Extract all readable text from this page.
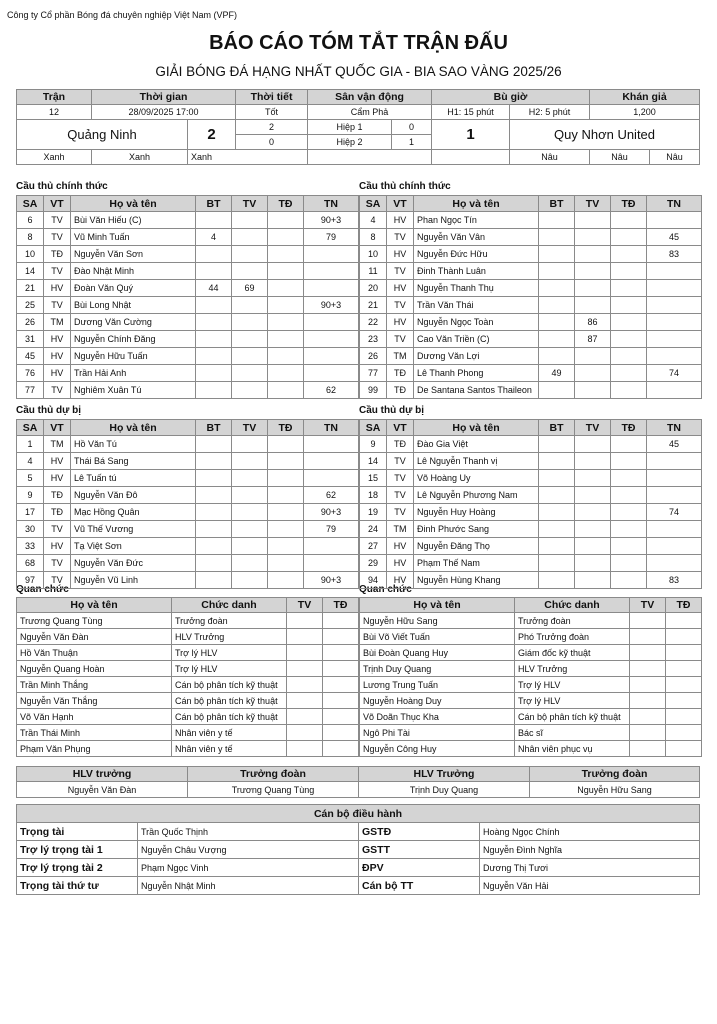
Công ty Cổ phần Bóng đá chuyên nghiệp Việt Nam (VPF)
BÁO CÁO TÓM TẮT TRẬN ĐẤU
GIẢI BÓNG ĐÁ HẠNG NHẤT QUỐC GIA - BIA SAO VÀNG 2025/26
Trận	Thời gian		Thời tiết	Sân vận động		Bù giờ		Khán giả	
12	28/09/2025 17:00		Tốt	Cẩm Phả		H1: 15 phút	H2: 5 phút	1,200	
Quảng Ninh		2	2	Hiệp 1	0	1	Quy Nhơn United		
			0	Hiệp 2	1				
Xanh	Xanh	Xanh					Nâu	Nâu	Nâu
Cầu thủ chính thức	Cầu thủ chính thức
Cầu thủ dự bị	Cầu thủ dự bị
Quan chức	Quan chức
SA	VT	Họ và tên	BT	TV	TĐ	TN
6	TV	Bùi Văn Hiếu (C)				90+3
8	TV	Vũ Minh Tuấn	4			79
10	TĐ	Nguyễn Văn Sơn				
14	TV	Đào Nhật Minh				
21	HV	Đoàn Văn Quý	44	69		
25	TV	Bùi Long Nhật				90+3
26	TM	Dương Văn Cường				
31	HV	Nguyễn Chính Đăng				
45	HV	Nguyễn Hữu Tuấn				
76	HV	Trần Hải Anh				
77	TV	Nghiêm Xuân Tú				62
SA	VT	Họ và tên	BT	TV	TĐ	TN
4	HV	Phan Ngọc Tín				
8	TV	Nguyễn Văn Vân				45
10	HV	Nguyễn Đức Hữu				83
11	TV	Đinh Thành Luân				
20	HV	Nguyễn Thanh Thụ				
21	TV	Trần Văn Thái				
22	HV	Nguyễn Ngọc Toàn		86		
23	TV	Cao Văn Triền (C)		87		
26	TM	Dương Văn Lợi				
77	TĐ	Lê Thanh Phong	49			74
99	TĐ	De Santana Santos Thaileon				
SA	VT	Họ và tên	BT	TV	TĐ	TN
1	TM	Hồ Văn Tú				
4	HV	Thái Bá Sang				
5	HV	Lê Tuấn tú				
9	TĐ	Nguyễn Văn Đô				62
17	TĐ	Mạc Hồng Quân				90+3
30	TV	Vũ Thế Vương				79
33	HV	Tạ Việt Sơn				
68	TV	Nguyễn Văn Đức				
97	TV	Nguyễn Vũ Linh				90+3
SA	VT	Họ và tên	BT	TV	TĐ	TN
9	TĐ	Đào Gia Việt				45
14	TV	Lê Nguyễn Thanh vị				
15	TV	Võ Hoàng Uy				
18	TV	Lê Nguyễn Phương Nam				
19	TV	Nguyễn Huy Hoàng				74
24	TM	Đinh Phước Sang				
27	HV	Nguyễn Đăng Thọ				
29	HV	Phạm Thế Nam				
94	HV	Nguyễn Hùng Khang				83
Họ và tên	Chức danh	TV	TĐ
Trương Quang Tùng	Trưởng đoàn		
Nguyễn Văn Đàn	HLV Trưởng		
Hồ Văn Thuận	Trợ lý HLV		
Nguyễn Quang Hoàn	Trợ lý HLV		
Trần Minh Thắng	Cán bộ phân tích kỹ thuật		
Nguyễn Văn Thắng	Cán bộ phân tích kỹ thuật		
Võ Văn Hạnh	Cán bộ phân tích kỹ thuật		
Trần Thái Minh	Nhân viên y tế		
Phạm Văn Phụng	Nhân viên y tế		
Họ và tên	Chức danh	TV	TĐ
Nguyễn Hữu Sang	Trưởng đoàn		
Bùi Võ Viết Tuấn	Phó Trưởng đoàn		
Bùi Đoàn Quang Huy	Giám đốc kỹ thuật		
Trịnh Duy Quang	HLV Trưởng		
Lương Trung Tuấn	Trợ lý HLV		
Nguyễn Hoàng Duy	Trợ lý HLV		
Võ Doãn Thục Kha	Cán bộ phân tích kỹ thuật		
Ngô Phi Tài	Bác sĩ		
Nguyễn Công Huy	Nhân viên phục vụ		
HLV trưởng	Trưởng đoàn	HLV Trưởng	Trưởng đoàn
Nguyễn Văn Đàn	Trương Quang Tùng	Trịnh Duy Quang	Nguyễn Hữu Sang
Cán bộ điều hành			
Trọng tài	Trần Quốc Thịnh	GSTĐ	Hoàng Ngọc Chính
Trợ lý trọng tài 1	Nguyễn Châu Vượng	GSTT	Nguyễn Đình Nghĩa
Trợ lý trọng tài 2	Phạm Ngọc Vinh	ĐPV	Dương Thị Tươi
Trọng tài thứ tư	Nguyễn Nhật Minh	Cán bộ TT	Nguyễn Văn Hải
